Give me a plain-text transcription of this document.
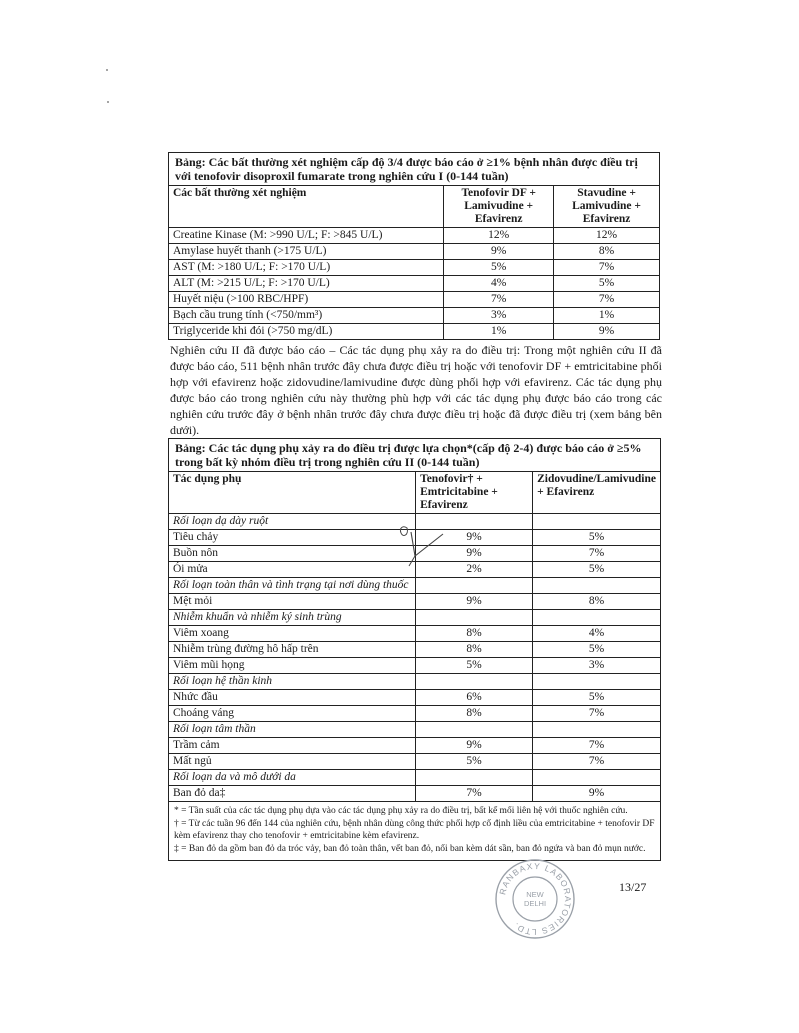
Bảng: Các bất thường xét nghiệm cấp độ 3/4 được báo cáo ở ≥1% bệnh nhân được điều trị với tenofovir disoproxil fumarate trong nghiên cứu I (0-144 tuần)		
Các bất thường xét nghiệm	Tenofovir DF + Lamivudine + Efavirenz	Stavudine + Lamivudine + Efavirenz
Creatine Kinase (M: >990 U/L; F: >845 U/L)	12%	12%
Amylase huyết thanh (>175 U/L)	9%	8%
AST (M: >180 U/L; F: >170 U/L)	5%	7%
ALT (M: >215 U/L; F: >170 U/L)	4%	5%
Huyết niệu (>100 RBC/HPF)	7%	7%
Bạch cầu trung tính (<750/mm³)	3%	1%
Triglyceride khi đói (>750 mg/dL)	1%	9%

Nghiên cứu II đã được báo cáo – Các tác dụng phụ xảy ra do điều trị: Trong một nghiên cứu II đã được báo cáo, 511 bệnh nhân trước đây chưa được điều trị hoặc với tenofovir DF + emtricitabine phối hợp với efavirenz hoặc zidovudine/lamivudine được dùng phối hợp với efavirenz. Các tác dụng phụ được báo cáo trong nghiên cứu này thường phù hợp với các tác dụng phụ được báo cáo trong các nghiên cứu trước đây ở bệnh nhân trước đây chưa được điều trị hoặc đã được điều trị (xem bảng bên dưới).

Bảng: Các tác dụng phụ xảy ra do điều trị được lựa chọn*(cấp độ 2-4) được báo cáo ở ≥5% trong bất kỳ nhóm điều trị trong nghiên cứu II (0-144 tuần)		
Tác dụng phụ	Tenofovir† + Emtricitabine + Efavirenz	Zidovudine/Lamivudine + Efavirenz
Rối loạn dạ dày ruột		
Tiêu chảy	9%	5%
Buồn nôn	9%	7%
Ói mửa	2%	5%
Rối loạn toàn thân và tình trạng tại nơi dùng thuốc		
Mệt mỏi	9%	8%
Nhiễm khuẩn và nhiễm ký sinh trùng		
Viêm xoang	8%	4%
Nhiễm trùng đường hô hấp trên	8%	5%
Viêm mũi họng	5%	3%
Rối loạn hệ thần kinh		
Nhức đầu	6%	5%
Choáng váng	8%	7%
Rối loạn tâm thần		
Trầm cảm	9%	7%
Mất ngủ	5%	7%
Rối loạn da và mô dưới da		
Ban đỏ da‡	7%	9%

* = Tần suất của các tác dụng phụ dựa vào các tác dụng phụ xảy ra do điều trị, bất kể mối liên hệ với thuốc nghiên cứu.

† = Từ các tuần 96 đến 144 của nghiên cứu, bệnh nhân dùng công thức phối hợp cố định liều của emtricitabine + tenofovir DF kèm efavirenz thay cho tenofovir + emtricitabine kèm efavirenz.

‡ = Ban đỏ da gồm ban đỏ da tróc vảy, ban đỏ toàn thân, vết ban đỏ, nổi ban kèm dát sần, ban đỏ ngứa và ban đỏ mụn nước.		

RANBAXY LABORATORIES LTD.
NEW
DELHI
13/27
